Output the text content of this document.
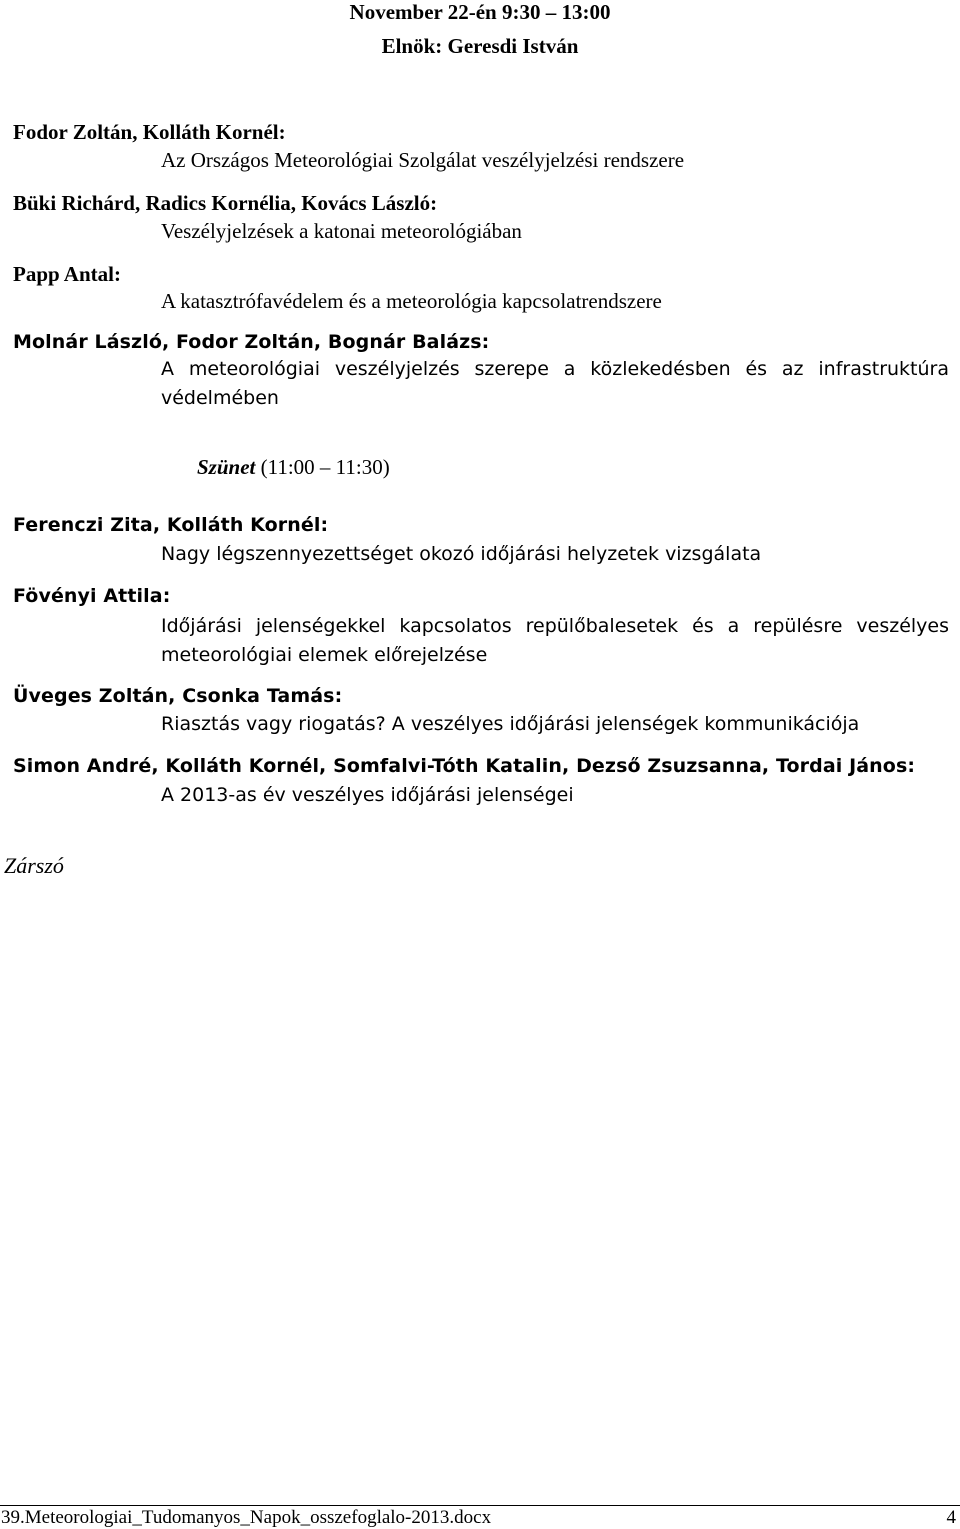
November 22-én 9:30 – 13:00
Elnök: Geresdi István
Fodor Zoltán, Kolláth Kornél:
Az Országos Meteorológiai Szolgálat veszélyjelzési rendszere
Büki Richárd, Radics Kornélia, Kovács László:
Veszélyjelzések a katonai meteorológiában
Papp Antal:
A katasztrófavédelem és a meteorológia kapcsolatrendszere
Molnár László, Fodor Zoltán, Bognár Balázs:
A meteorológiai veszélyjelzés szerepe a közlekedésben és az infrastruktúra védelmében
Szünet (11:00 – 11:30)
Ferenczi Zita, Kolláth Kornél:
Nagy légszennyezettséget okozó időjárási helyzetek vizsgálata
Fövényi Attila:
Időjárási jelenségekkel kapcsolatos repülőbalesetek és a repülésre veszélyes meteorológiai elemek előrejelzése
Üveges Zoltán, Csonka Tamás:
Riasztás vagy riogatás? A veszélyes időjárási jelenségek kommunikációja
Simon André, Kolláth Kornél, Somfalvi-Tóth Katalin, Dezső Zsuzsanna, Tordai János:
A 2013-as év veszélyes időjárási jelenségei
Zárszó
39.Meteorologiai_Tudomanyos_Napok_osszefoglalo-2013.docx	4
